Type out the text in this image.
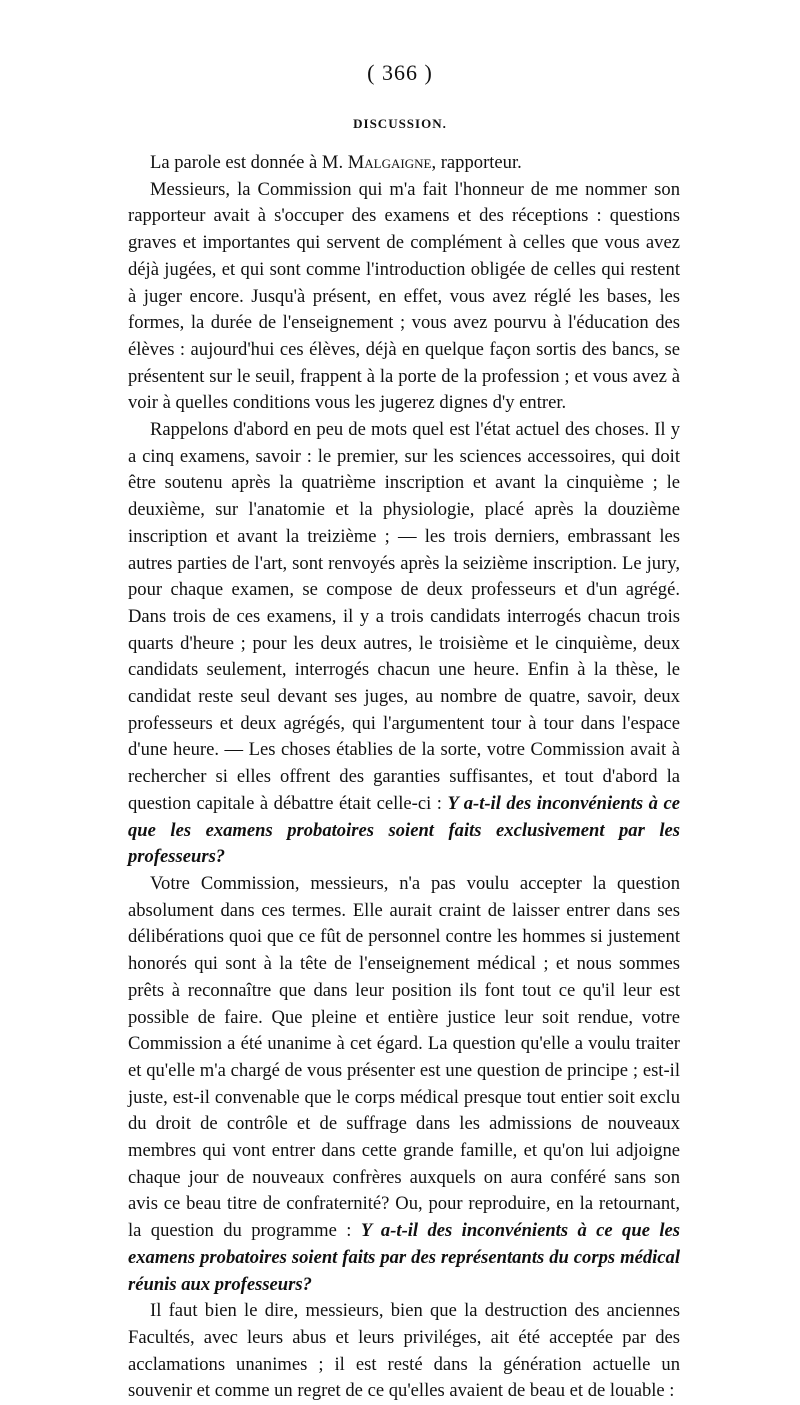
( 366 )
DISCUSSION.

La parole est donnée à M. Malgaigne, rapporteur.

Messieurs, la Commission qui m'a fait l'honneur de me nommer son rapporteur avait à s'occuper des examens et des réceptions : questions graves et importantes qui servent de complément à celles que vous avez déjà jugées, et qui sont comme l'introduction obligée de celles qui restent à juger encore. Jusqu'à présent, en effet, vous avez réglé les bases, les formes, la durée de l'enseignement ; vous avez pourvu à l'éducation des élèves : aujourd'hui ces élèves, déjà en quelque façon sortis des bancs, se présentent sur le seuil, frappent à la porte de la profession ; et vous avez à voir à quelles conditions vous les jugerez dignes d'y entrer.

Rappelons d'abord en peu de mots quel est l'état actuel des choses. Il y a cinq examens, savoir : le premier, sur les sciences accessoires, qui doit être soutenu après la quatrième inscription et avant la cinquième ; le deuxième, sur l'anatomie et la physiologie, placé après la douzième inscription et avant la treizième ; — les trois derniers, embrassant les autres parties de l'art, sont renvoyés après la seizième inscription. Le jury, pour chaque examen, se compose de deux professeurs et d'un agrégé. Dans trois de ces examens, il y a trois candidats interrogés chacun trois quarts d'heure ; pour les deux autres, le troisième et le cinquième, deux candidats seulement, interrogés chacun une heure. Enfin à la thèse, le candidat reste seul devant ses juges, au nombre de quatre, savoir, deux professeurs et deux agrégés, qui l'argumentent tour à tour dans l'espace d'une heure. — Les choses établies de la sorte, votre Commission avait à rechercher si elles offrent des garanties suffisantes, et tout d'abord la question capitale à débattre était celle-ci : Y a-t-il des inconvénients à ce que les examens probatoires soient faits exclusivement par les professeurs?

Votre Commission, messieurs, n'a pas voulu accepter la question absolument dans ces termes. Elle aurait craint de laisser entrer dans ses délibérations quoi que ce fût de personnel contre les hommes si justement honorés qui sont à la tête de l'enseignement médical ; et nous sommes prêts à reconnaître que dans leur position ils font tout ce qu'il leur est possible de faire. Que pleine et entière justice leur soit rendue, votre Commission a été unanime à cet égard. La question qu'elle a voulu traiter et qu'elle m'a chargé de vous présenter est une question de principe ; est-il juste, est-il convenable que le corps médical presque tout entier soit exclu du droit de contrôle et de suffrage dans les admissions de nouveaux membres qui vont entrer dans cette grande famille, et qu'on lui adjoigne chaque jour de nouveaux confrères auxquels on aura conféré sans son avis ce beau titre de confraternité? Ou, pour reproduire, en la retournant, la question du programme : Y a-t-il des inconvénients à ce que les examens probatoires soient faits par des représentants du corps médical réunis aux professeurs?

Il faut bien le dire, messieurs, bien que la destruction des anciennes Facultés, avec leurs abus et leurs priviléges, ait été acceptée par des acclamations unanimes ; il est resté dans la génération actuelle un souvenir et comme un regret de ce qu'elles avaient de beau et de louable :
